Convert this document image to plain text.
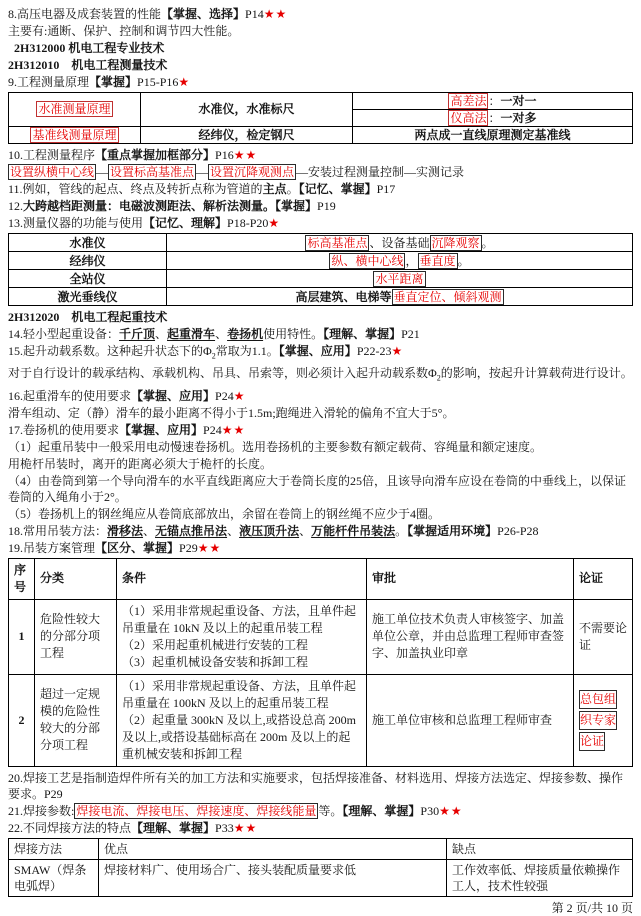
8.高压电器及成套装置的性能【掌握、选择】P14★★

主要有:通断、保护、控制和调节四大性能。

2H312000 机电工程专业技术

2H312010　机电工程测量技术

9.工程测量原理【掌握】P15-P16★

水准测量原理	水准仪，水准标尺	高差法 ：一对一
		仪高法 ：一对多
基准线测量原理	经纬仪，检定钢尺	两点成一直线原理测定基准线

10.工程测量程序【重点掌握加框部分】P16★★

设置纵横中心线 — 设置标高基准点 — 设置沉降观测点 —安装过程测量控制—实测记录

11.例如，管线的起点、终点及转折点称为管道的主点。【记忆、掌握】P17

12.大跨越档距测量：电磁波测距法、解析法测量。【掌握】P19

13.测量仪器的功能与使用【记忆、理解】P18-P20★

水准仪	标高基准点 、设备基础 沉降观察 。
经纬仪	纵、横中心线 ， 垂直度 。
全站仪	水平距离
激光垂线仪	高层建筑、电梯等 垂直定位、倾斜观测

2H312020　机电工程起重技术

14.轻小型起重设备：千斤顶、起重滑车、卷扬机使用特性。【理解、掌握】P21

15.起升动载系数。这种起升状态下的$\Phi_2$常取为1.1。【掌握、应用】P22-23★

对于自行设计的载承结构、承载机构、吊具、吊索等，则必须计入起升动载系数$\Phi_2$的影响，按起升计算载荷进行设计。

16.起重滑车的使用要求【掌握、应用】P24★

滑车组动、定（静）滑车的最小距离不得小于1.5m;跑绳进入滑轮的偏角不宜大于5°。

17.卷扬机的使用要求【掌握、应用】P24★★

（1）起重吊装中一般采用电动慢速卷扬机。选用卷扬机的主要参数有额定载荷、容绳量和额定速度。

用桅杆吊装时，离开的距离必须大于桅杆的长度。

（4）由卷筒到第一个导向滑车的水平直线距离应大于卷筒长度的25倍，且该导向滑车应设在卷筒的中垂线上，以保证卷筒的入绳角小于2°。

（5）卷扬机上的钢丝绳应从卷筒底部放出，余留在卷筒上的钢丝绳不应少于4圈。

18.常用吊装方法：滑移法、无锚点推吊法、液压顶升法、万能杆件吊装法。【掌握适用环境】P26-P28

19.吊装方案管理【区分、掌握】P29★★

序号	分类	条件	审批	论证
1	危险性较大的分部分项工程	（1）采用非常规起重设备、方法，且单件起吊重量在 10kN 及以上的起重吊装工程
（2）采用起重机械进行安装的工程
（3）起重机械设备安装和拆卸工程	施工单位技术负责人审核签字、加盖单位公章，并由总监理工程师审查签字、加盖执业印章	不需要论证
2	超过一定规模的危险性较大的分部分项工程	（1）采用非常规起重设备、方法，且单件起吊重量在 100kN 及以上的起重吊装工程
（2）起重量 300kN 及以上,或搭设总高 200m及以上,或搭设基础标高在 200m 及以上的起重机械安装和拆卸工程	施工单位审核和总监理工程师审查	总包组
织专家
论证

20.焊接工艺是指制造焊件所有关的加工方法和实施要求，包括焊接准备、材料选用、焊接方法选定、焊接参数、操作要求。P29

21.焊接参数: 焊接电流、焊接电压、焊接速度、焊接线能量 等。【理解、掌握】P30★★

22.不同焊接方法的特点【理解、掌握】P33★★

焊接方法	优点	缺点
SMAW（焊条电弧焊）	焊接材料广、使用场合广、接头装配质量要求低	工作效率低、焊接质量依赖操作工人，技术性较强

第 2 页/共 10 页
